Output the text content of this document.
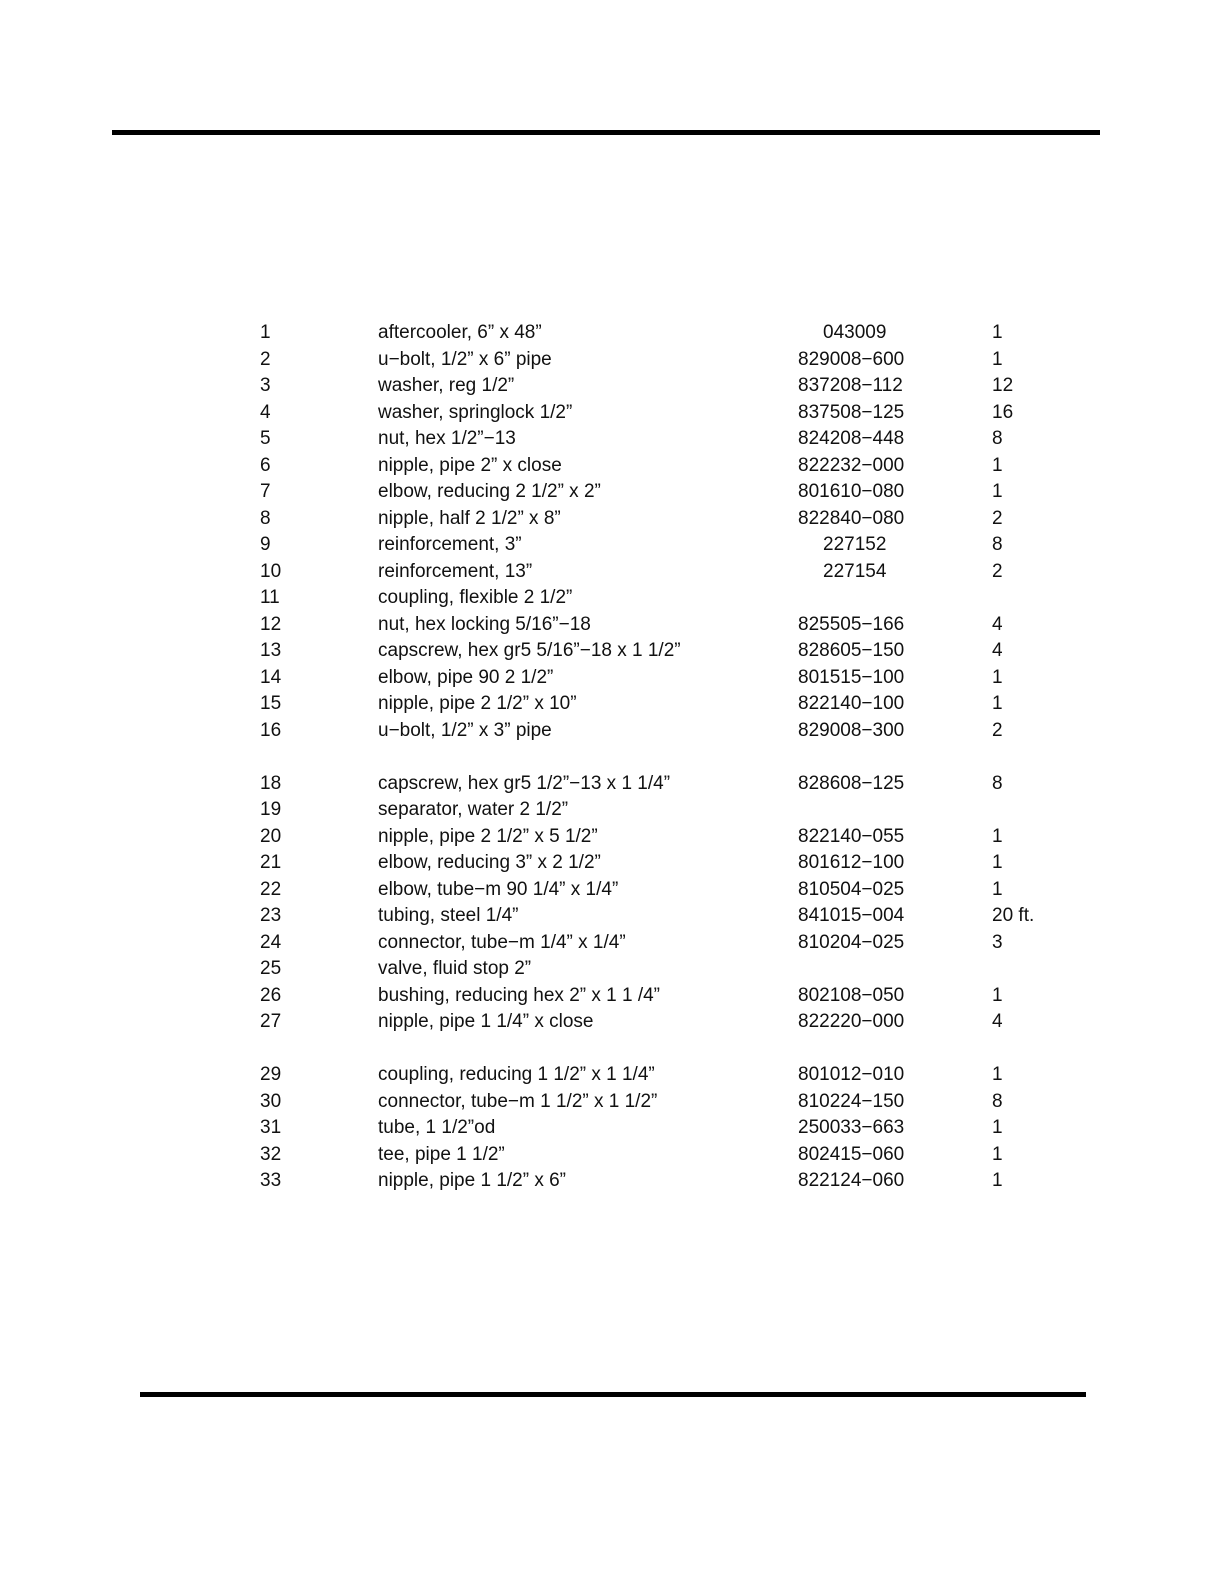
1	aftercooler, 6” x 48”	043009	1
2	u−bolt, 1/2” x 6” pipe	829008−600	1
3	washer, reg 1/2”	837208−112	12
4	washer, springlock 1/2”	837508−125	16
5	nut, hex 1/2”−13	824208−448	8
6	nipple, pipe 2” x close	822232−000	1
7	elbow, reducing 2 1/2” x 2”	801610−080	1
8	nipple, half 2 1/2” x 8”	822840−080	2
9	reinforcement, 3”	227152	8
10	reinforcement, 13”	227154	2
11	coupling, flexible 2 1/2”
12	nut, hex locking 5/16”−18	825505−166	4
13	capscrew, hex gr5 5/16”−18 x 1 1/2”	828605−150	4
14	elbow, pipe 90 2 1/2”	801515−100	1
15	nipple, pipe 2 1/2” x 10”	822140−100	1
16	u−bolt, 1/2” x 3” pipe	829008−300	2
18	capscrew, hex gr5 1/2”−13 x 1 1/4”	828608−125	8
19	separator, water 2 1/2”
20	nipple, pipe 2 1/2” x 5 1/2”	822140−055	1
21	elbow, reducing 3” x 2 1/2”	801612−100	1
22	elbow, tube−m 90 1/4” x 1/4”	810504−025	1
23	tubing, steel 1/4”	841015−004	20 ft.
24	connector, tube−m 1/4” x 1/4”	810204−025	3
25	valve, fluid stop 2”
26	bushing, reducing hex 2” x 1 1 /4”	802108−050	1
27	nipple, pipe 1 1/4” x close	822220−000	4
29	coupling, reducing 1 1/2” x 1 1/4”	801012−010	1
30	connector, tube−m 1 1/2” x 1 1/2”	810224−150	8
31	tube, 1 1/2”od	250033−663	1
32	tee, pipe 1 1/2”	802415−060	1
33	nipple, pipe 1 1/2” x 6”	822124−060	1
